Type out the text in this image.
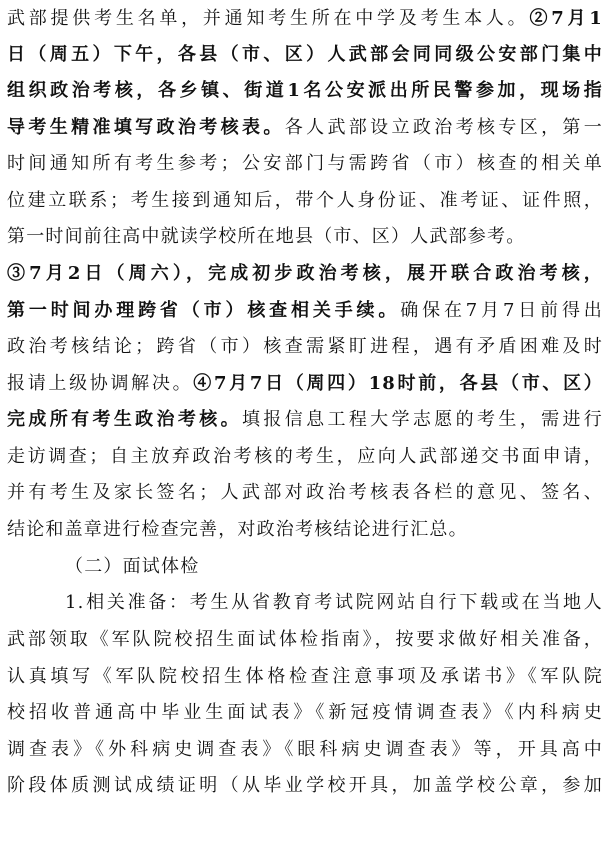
武部提供考生名单，并通知考生所在中学及考生本人。②7月1
日（周五）下午，各县（市、区）人武部会同同级公安部门集中
组织政治考核，各乡镇、街道1名公安派出所民警参加，现场指
导考生精准填写政治考核表。各人武部设立政治考核专区，第一
时间通知所有考生参考；公安部门与需跨省（市）核查的相关单
位建立联系；考生接到通知后，带个人身份证、准考证、证件照，
第一时间前往高中就读学校所在地县（市、区）人武部参考。
③7月2日（周六），完成初步政治考核，展开联合政治考核，
第一时间办理跨省（市）核查相关手续。确保在7月7日前得出
政治考核结论；跨省（市）核查需紧盯进程，遇有矛盾困难及时
报请上级协调解决。④7月7日（周四）18时前，各县（市、区）
完成所有考生政治考核。填报信息工程大学志愿的考生，需进行
走访调查；自主放弃政治考核的考生，应向人武部递交书面申请，
并有考生及家长签名；人武部对政治考核表各栏的意见、签名、
结论和盖章进行检查完善，对政治考核结论进行汇总。
（二）面试体检
1.相关准备：考生从省教育考试院网站自行下载或在当地人
武部领取《军队院校招生面试体检指南》，按要求做好相关准备，
认真填写《军队院校招生体格检查注意事项及承诺书》《军队院
校招收普通高中毕业生面试表》《新冠疫情调查表》《内科病史
调查表》《外科病史调查表》《眼科病史调查表》等，开具高中
阶段体质测试成绩证明（从毕业学校开具，加盖学校公章，参加
